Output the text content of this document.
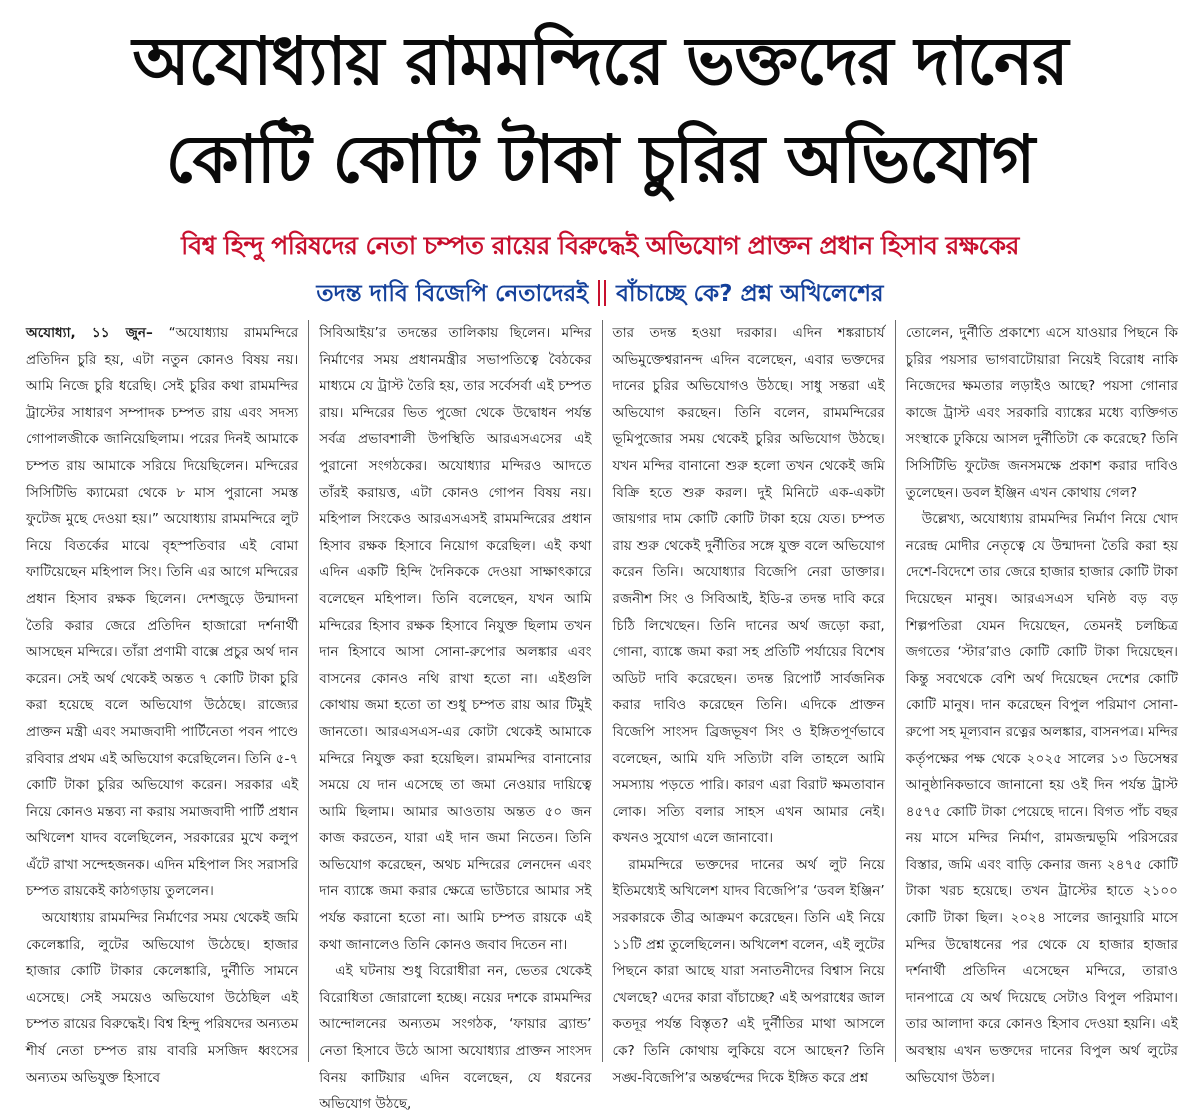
অযোধ্যায় রামমন্দিরে ভক্তদের দানের
কোটি কোটি টাকা চুরির অভিযোগ
বিশ্ব হিন্দু পরিষদের নেতা চম্পত রায়ের বিরুদ্ধেই অভিযোগ প্রাক্তন প্রধান হিসাব রক্ষকের
তদন্ত দাবি বিজেপি নেতাদেরই বাঁচাচ্ছে কে? প্রশ্ন অখিলেশের

অযোধ্যা, ১১ জুন– “অযোধ্যায় রামমন্দিরে প্রতিদিন চুরি হয়, এটা নতুন কোনও বিষয় নয়। আমি নিজে চুরি ধরেছি। সেই চুরির কথা রামমন্দির ট্রাস্টের সাধারণ সম্পাদক চম্পত রায় এবং সদস্য গোপালজীকে জানিয়েছিলাম। পরের দিনই আমাকে চম্পত রায় আমাকে সরিয়ে দিয়েছিলেন। মন্দিরের সিসিটিভি ক্যামেরা থেকে ৮ মাস পুরানো সমস্ত ফুটেজ মুছে দেওয়া হয়।” অযোধ্যায় রামমন্দিরে লুট নিয়ে বিতর্কের মাঝে বৃহস্পতিবার এই বোমা ফাটিয়েছেন মহিপাল সিং। তিনি এর আগে মন্দিরের প্রধান হিসাব রক্ষক ছিলেন। দেশজুড়ে উন্মাদনা তৈরি করার জেরে প্রতিদিন হাজারো দর্শনার্থী আসছেন মন্দিরে। তাঁরা প্রণামী বাক্সে প্রচুর অর্থ দান করেন। সেই অর্থ থেকেই অন্তত ৭ কোটি টাকা চুরি করা হয়েছে বলে অভিযোগ উঠেছে। রাজ্যের প্রাক্তন মন্ত্রী এবং সমাজবাদী পার্টিনেতা পবন পাণ্ডে রবিবার প্রথম এই অভিযোগ করেছিলেন। তিনি ৫-৭ কোটি টাকা চুরির অভিযোগ করেন। সরকার এই নিয়ে কোনও মন্তব্য না করায় সমাজবাদী পার্টি প্রধান অখিলেশ যাদব বলেছিলেন, সরকারের মুখে কলুপ এঁটে রাখা সন্দেহজনক। এদিন মহিপাল সিং সরাসরি চম্পত রায়কেই কাঠগড়ায় তুললেন।

অযোধ্যায় রামমন্দির নির্মাণের সময় থেকেই জমি কেলেঙ্কারি, লুটের অভিযোগ উঠেছে। হাজার হাজার কোটি টাকার কেলেঙ্কারি, দুর্নীতি সামনে এসেছে। সেই সময়েও অভিযোগ উঠেছিল এই চম্পত রায়ের বিরুদ্ধেই। বিশ্ব হিন্দু পরিষদের অন্যতম শীর্ষ নেতা চম্পত রায় বাবরি মসজিদ ধ্বংসের অন্যতম অভিযুক্ত হিসাবে

সিবিআইয়’র তদন্তের তালিকায় ছিলেন। মন্দির নির্মাণের সময় প্রধানমন্ত্রীর সভাপতিত্বে বৈঠকের মাধ্যমে যে ট্রাস্ট তৈরি হয়, তার সর্বেসর্বা এই চম্পত রায়। মন্দিরের ভিত পুজো থেকে উদ্বোধন পর্যন্ত সর্বত্র প্রভাবশালী উপস্থিতি আরএসএসের এই পুরানো সংগঠকের। অযোধ্যার মন্দিরও আদতে তাঁরই করায়ত্ত, এটা কোনও গোপন বিষয় নয়। মহিপাল সিংকেও আরএসএসই রামমন্দিরের প্রধান হিসাব রক্ষক হিসাবে নিয়োগ করেছিল। এই কথা এদিন একটি হিন্দি দৈনিককে দেওয়া সাক্ষাৎকারে বলেছেন মহিপাল। তিনি বলেছেন, যখন আমি মন্দিরের হিসাব রক্ষক হিসাবে নিযুক্ত ছিলাম তখন দান হিসাবে আসা সোনা-রুপোর অলঙ্কার এবং বাসনের কোনও নথি রাখা হতো না। এইগুলি কোথায় জমা হতো তা শুধু চম্পত রায় আর টিমুই জানতো। আরএসএস-এর কোটা থেকেই আমাকে মন্দিরে নিযুক্ত করা হয়েছিল। রামমন্দির বানানোর সময়ে যে দান এসেছে তা জমা নেওয়ার দায়িত্বে আমি ছিলাম। আমার আওতায় অন্তত ৫০ জন কাজ করতেন, যারা এই দান জমা নিতেন। তিনি অভিযোগ করেছেন, অথচ মন্দিরের লেনদেন এবং দান ব্যাঙ্কে জমা করার ক্ষেত্রে ভাউচারে আমার সই পর্যন্ত করানো হতো না। আমি চম্পত রায়কে এই কথা জানালেও তিনি কোনও জবাব দিতেন না।

এই ঘটনায় শুধু বিরোধীরা নন, ভেতর থেকেই বিরোধিতা জোরালো হচ্ছে। নয়ের দশকে রামমন্দির আন্দোলনের অন্যতম সংগঠক, ‘ফায়ার ব্র্যান্ড’ নেতা হিসাবে উঠে আসা অযোধ্যার প্রাক্তন সাংসদ বিনয় কাটিয়ার এদিন বলেছেন, যে ধরনের অভিযোগ উঠছে,

তার তদন্ত হওয়া দরকার। এদিন শঙ্করাচার্য অভিমুক্তেশ্বরানন্দ এদিন বলেছেন, এবার ভক্তদের দানের চুরির অভিযোগও উঠছে। সাধু সন্তরা এই অভিযোগ করছেন। তিনি বলেন, রামমন্দিরের ভূমিপুজোর সময় থেকেই চুরির অভিযোগ উঠছে। যখন মন্দির বানানো শুরু হলো তখন থেকেই জমি বিক্রি হতে শুরু করল। দুই মিনিটে এক-একটা জায়গার দাম কোটি কোটি টাকা হয়ে যেত। চম্পত রায় শুরু থেকেই দুর্নীতির সঙ্গে যুক্ত বলে অভিযোগ করেন তিনি। অযোধ্যার বিজেপি নেরা ডাক্তার। রজনীশ সিং ও সিবিআই, ইডি-র তদন্ত দাবি করে চিঠি লিখেছেন। তিনি দানের অর্থ জড়ো করা, গোনা, ব্যাঙ্কে জমা করা সহ প্রতিটি পর্যায়ের বিশেষ অডিট দাবি করেছেন। তদন্ত রিপোর্ট সার্বজনিক করার দাবিও করেছেন তিনি। এদিকে প্রাক্তন বিজেপি সাংসদ ব্রিজভূষণ সিং ও ইঙ্গিতপূর্ণভাবে বলেছেন, আমি যদি সত্যিটা বলি তাহলে আমি সমস্যায় পড়তে পারি। কারণ এরা বিরাট ক্ষমতাবান লোক। সত্যি বলার সাহস এখন আমার নেই। কখনও সুযোগ এলে জানাবো।

রামমন্দিরে ভক্তদের দানের অর্থ লুট নিয়ে ইতিমধ্যেই অখিলেশ যাদব বিজেপি’র ‘ডবল ইঞ্জিন’ সরকারকে তীব্র আক্রমণ করেছেন। তিনি এই নিয়ে ১১টি প্রশ্ন তুলেছিলেন। অখিলেশ বলেন, এই লুটের পিছনে কারা আছে যারা সনাতনীদের বিশ্বাস নিয়ে খেলছে? এদের কারা বাঁচাচ্ছে? এই অপরাধের জাল কতদূর পর্যন্ত বিস্তৃত? এই দুর্নীতির মাথা আসলে কে? তিনি কোথায় লুকিয়ে বসে আছেন? তিনি সঙ্ঘ-বিজেপি’র অন্তর্দ্বন্দের দিকে ইঙ্গিত করে প্রশ্ন

তোলেন, দুর্নীতি প্রকাশ্যে এসে যাওয়ার পিছনে কি চুরির পয়সার ভাগবাটোয়ারা নিয়েই বিরোধ নাকি নিজেদের ক্ষমতার লড়াইও আছে? পয়সা গোনার কাজে ট্রাস্ট এবং সরকারি ব্যাঙ্কের মধ্যে ব্যক্তিগত সংস্থাকে ঢুকিয়ে আসল দুর্নীতিটা কে করেছে? তিনি সিসিটিভি ফুটেজ জনসমক্ষে প্রকাশ করার দাবিও তুলেছেন। ডবল ইঞ্জিন এখন কোথায় গেল?

উল্লেখ্য, অযোধ্যায় রামমন্দির নির্মাণ নিয়ে খোদ নরেন্দ্র মোদীর নেতৃত্বে যে উন্মাদনা তৈরি করা হয় দেশে-বিদেশে তার জেরে হাজার হাজার কোটি টাকা দিয়েছেন মানুষ। আরএসএস ঘনিষ্ঠ বড় বড় শিল্পপতিরা যেমন দিয়েছেন, তেমনই চলচ্চিত্র জগতের ‘স্টার’রাও কোটি কোটি টাকা দিয়েছেন। কিন্তু সবথেকে বেশি অর্থ দিয়েছেন দেশের কোটি কোটি মানুষ। দান করেছেন বিপুল পরিমাণ সোনা-রুপো সহ মূল্যবান রত্নের অলঙ্কার, বাসনপত্র। মন্দির কর্তৃপক্ষের পক্ষ থেকে ২০২৫ সালের ১৩ ডিসেম্বর আনুষ্ঠানিকভাবে জানানো হয় ওই দিন পর্যন্ত ট্রাস্ট ৪৫৭৫ কোটি টাকা পেয়েছে দানে। বিগত পাঁচ বছর নয় মাসে মন্দির নির্মাণ, রামজন্মভূমি পরিসরের বিস্তার, জমি এবং বাড়ি কেনার জন্য ২৪৭৫ কোটি টাকা খরচ হয়েছে। তখন ট্রাস্টের হাতে ২১০০ কোটি টাকা ছিল। ২০২৪ সালের জানুয়ারি মাসে মন্দির উদ্বোধনের পর থেকে যে হাজার হাজার দর্শনার্থী প্রতিদিন এসেছেন মন্দিরে, তারাও দানপাত্রে যে অর্থ দিয়েছে সেটাও বিপুল পরিমাণ। তার আলাদা করে কোনও হিসাব দেওয়া হয়নি। এই অবস্থায় এখন ভক্তদের দানের বিপুল অর্থ লুটের অভিযোগ উঠল।
